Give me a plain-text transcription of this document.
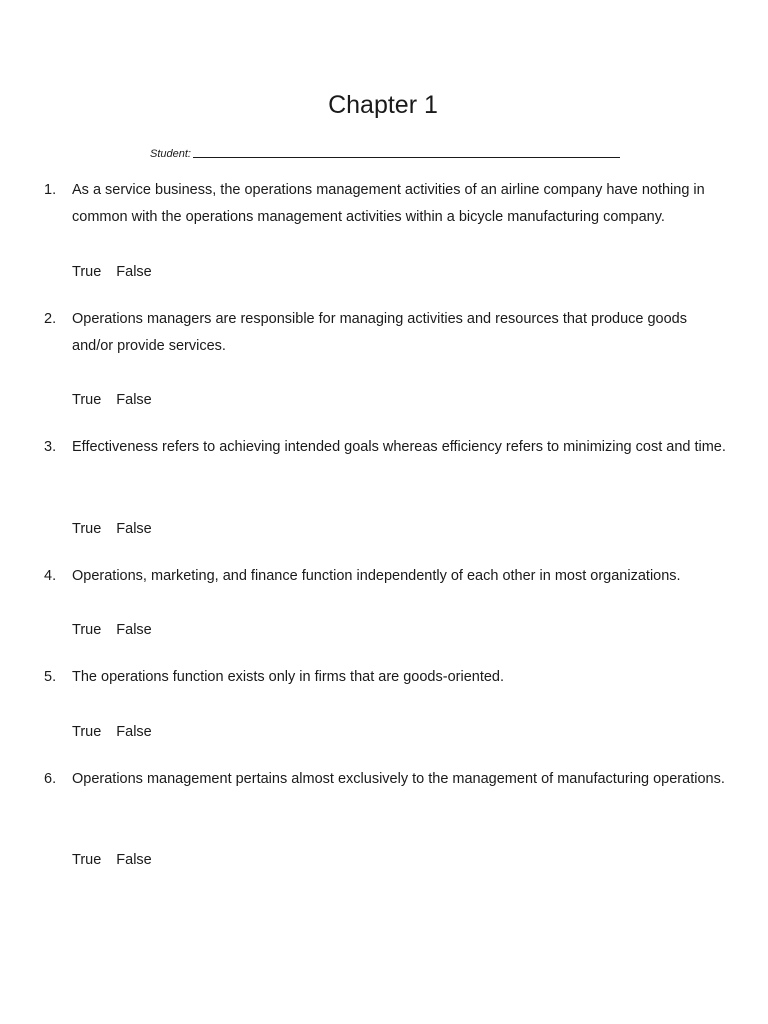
Chapter 1
Student:
1. As a service business, the operations management activities of an airline company have nothing in common with the operations management activities within a bicycle manufacturing company.
True False
2. Operations managers are responsible for managing activities and resources that produce goods and/or provide services.
True False
3. Effectiveness refers to achieving intended goals whereas efficiency refers to minimizing cost and time.
True False
4. Operations, marketing, and finance function independently of each other in most organizations.
True False
5. The operations function exists only in firms that are goods-oriented.
True False
6. Operations management pertains almost exclusively to the management of manufacturing operations.
True False
